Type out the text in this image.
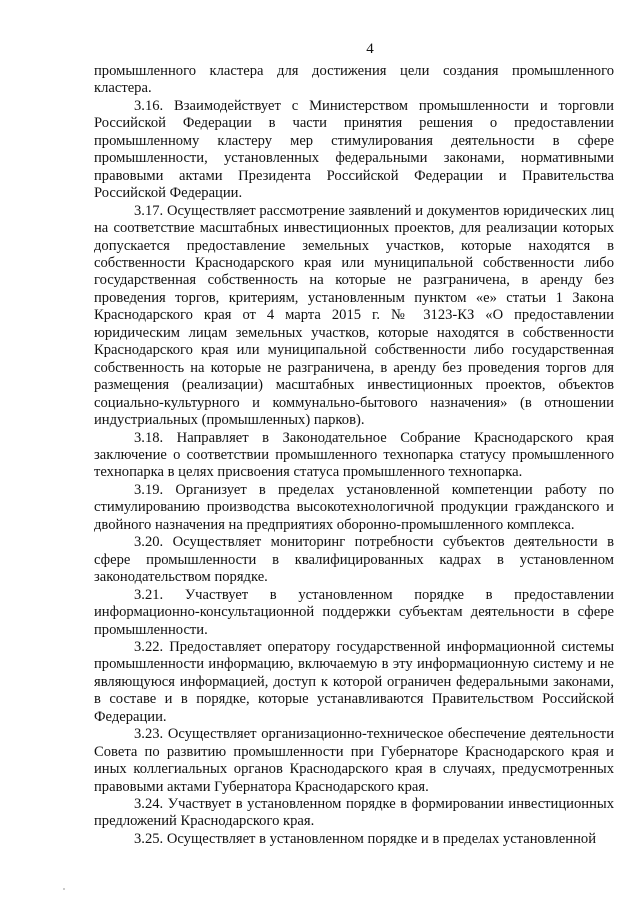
4

промышленного кластера для достижения цели создания промышленного кластера.

3.16. Взаимодействует с Министерством промышленности и торговли Российской Федерации в части принятия решения о предоставлении промышленному кластеру мер стимулирования деятельности в сфере промышленности, установленных федеральными законами, нормативными правовыми актами Президента Российской Федерации и Правительства Российской Федерации.

3.17. Осуществляет рассмотрение заявлений и документов юридических лиц на соответствие масштабных инвестиционных проектов, для реализации которых допускается предоставление земельных участков, которые находятся в собственности Краснодарского края или муниципальной собственности либо государственная собственность на которые не разграничена, в аренду без проведения торгов, критериям, установленным пунктом «е» статьи 1 Закона Краснодарского края от 4 марта 2015 г. № 3123-КЗ «О предоставлении юридическим лицам земельных участков, которые находятся в собственности Краснодарского края или муниципальной собственности либо государственная собственность на которые не разграничена, в аренду без проведения торгов для размещения (реализации) масштабных инвестиционных проектов, объектов социально-культурного и коммунально-бытового назначения» (в отношении индустриальных (промышленных) парков).

3.18. Направляет в Законодательное Собрание Краснодарского края заключение о соответствии промышленного технопарка статусу промышленного технопарка в целях присвоения статуса промышленного технопарка.

3.19. Организует в пределах установленной компетенции работу по стимулированию производства высокотехнологичной продукции гражданского и двойного назначения на предприятиях оборонно-промышленного комплекса.

3.20. Осуществляет мониторинг потребности субъектов деятельности в сфере промышленности в квалифицированных кадрах в установленном законодательством порядке.

3.21. Участвует в установленном порядке в предоставлении информационно-консультационной поддержки субъектам деятельности в сфере промышленности.

3.22. Предоставляет оператору государственной информационной системы промышленности информацию, включаемую в эту информационную систему и не являющуюся информацией, доступ к которой ограничен федеральными законами, в составе и в порядке, которые устанавливаются Правительством Российской Федерации.

3.23. Осуществляет организационно-техническое обеспечение деятельности Совета по развитию промышленности при Губернаторе Краснодарского края и иных коллегиальных органов Краснодарского края в случаях, предусмотренных правовыми актами Губернатора Краснодарского края.

3.24. Участвует в установленном порядке в формировании инвестиционных предложений Краснодарского края.

3.25. Осуществляет в установленном порядке и в пределах установленной
